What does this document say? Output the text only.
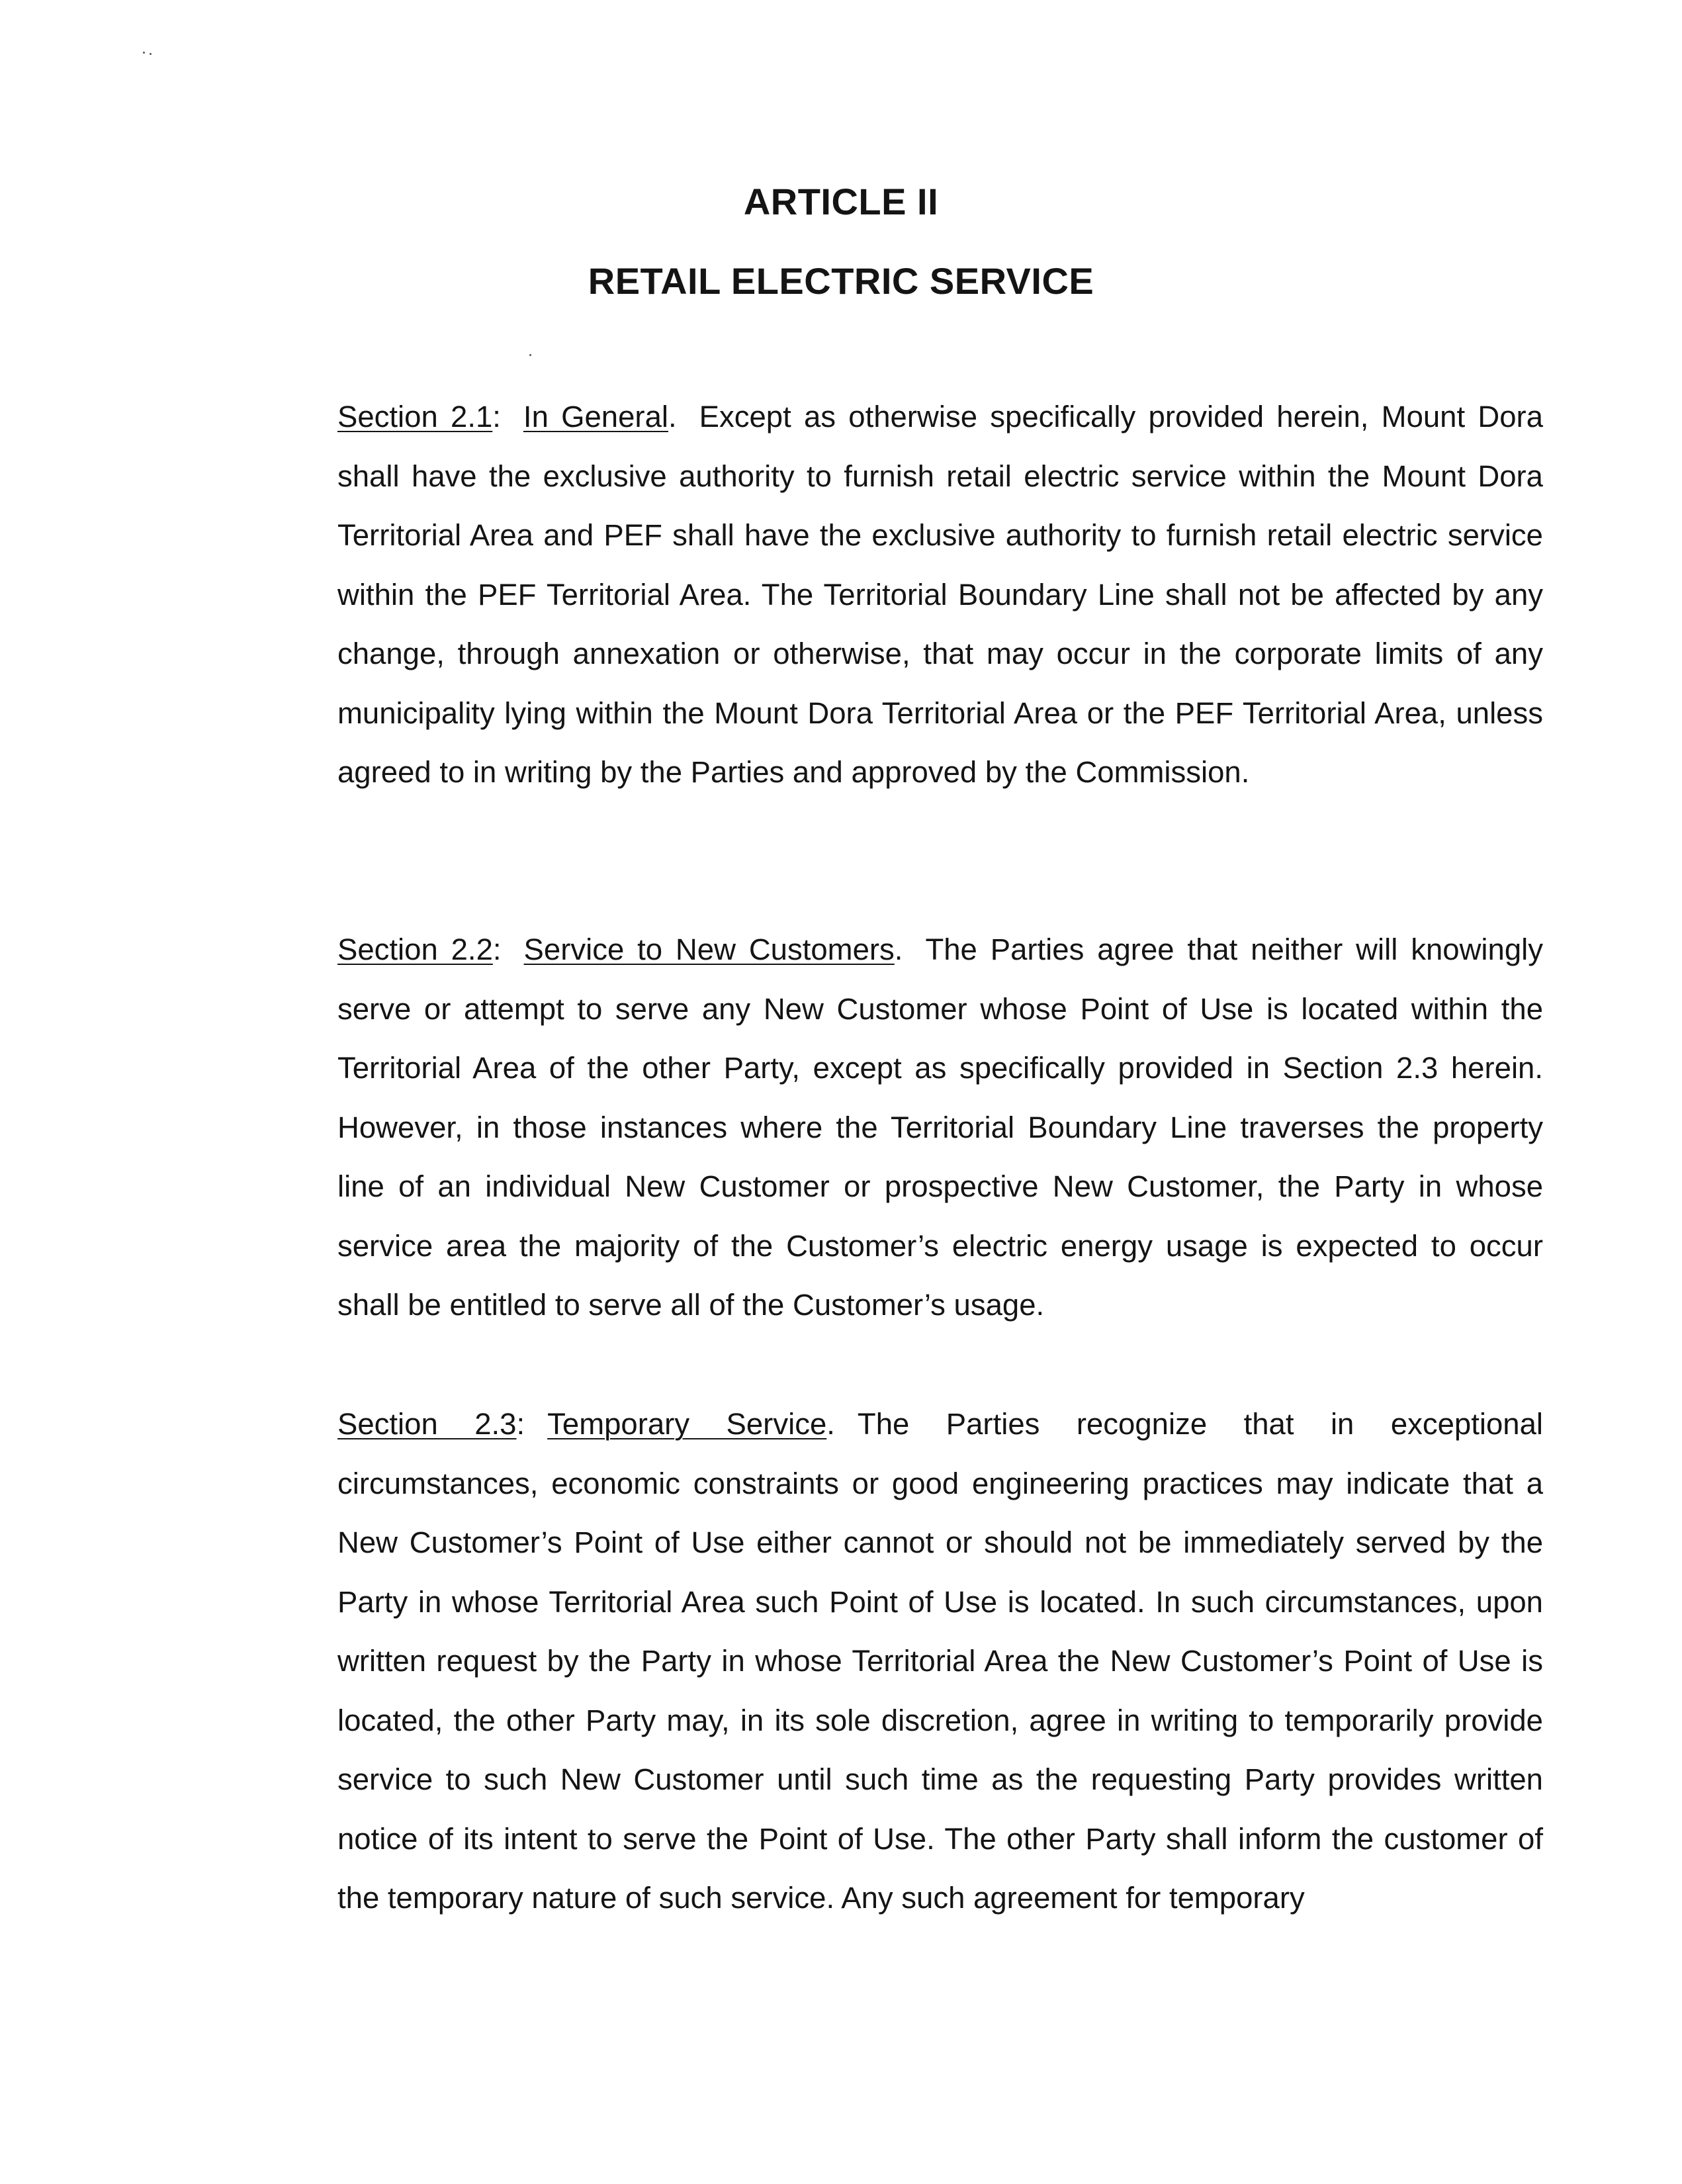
ARTICLE II
RETAIL ELECTRIC SERVICE
Section 2.1: In General. Except as otherwise specifically provided herein, Mount Dora shall have the exclusive authority to furnish retail electric service within the Mount Dora Territorial Area and PEF shall have the exclusive authority to furnish retail electric service within the PEF Territorial Area. The Territorial Boundary Line shall not be affected by any change, through annexation or otherwise, that may occur in the corporate limits of any municipality lying within the Mount Dora Territorial Area or the PEF Territorial Area, unless agreed to in writing by the Parties and approved by the Commission.
Section 2.2: Service to New Customers. The Parties agree that neither will knowingly serve or attempt to serve any New Customer whose Point of Use is located within the Territorial Area of the other Party, except as specifically provided in Section 2.3 herein. However, in those instances where the Territorial Boundary Line traverses the property line of an individual New Customer or prospective New Customer, the Party in whose service area the majority of the Customer’s electric energy usage is expected to occur shall be entitled to serve all of the Customer’s usage.
Section 2.3: Temporary Service. The Parties recognize that in exceptional circumstances, economic constraints or good engineering practices may indicate that a New Customer’s Point of Use either cannot or should not be immediately served by the Party in whose Territorial Area such Point of Use is located. In such circumstances, upon written request by the Party in whose Territorial Area the New Customer’s Point of Use is located, the other Party may, in its sole discretion, agree in writing to temporarily provide service to such New Customer until such time as the requesting Party provides written notice of its intent to serve the Point of Use. The other Party shall inform the customer of the temporary nature of such service. Any such agreement for temporary
